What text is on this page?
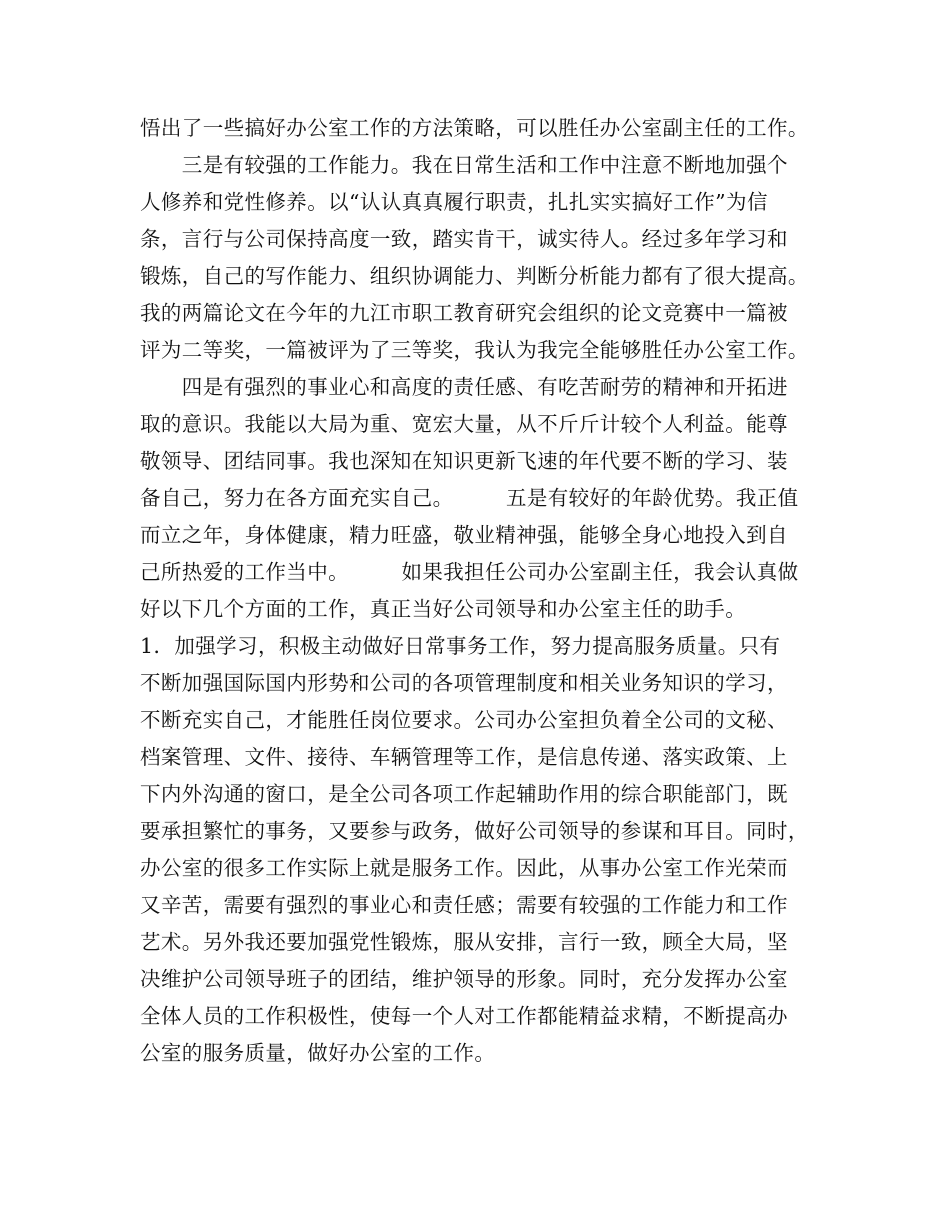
悟出了一些搞好办公室工作的方法策略，可以胜任办公室副主任的工作。
　　三是有较强的工作能力。我在日常生活和工作中注意不断地加强个
人修养和党性修养。以“认认真真履行职责，扎扎实实搞好工作”为信
条，言行与公司保持高度一致，踏实肯干，诚实待人。经过多年学习和
锻炼，自己的写作能力、组织协调能力、判断分析能力都有了很大提高。
我的两篇论文在今年的九江市职工教育研究会组织的论文竞赛中一篇被
评为二等奖，一篇被评为了三等奖，我认为我完全能够胜任办公室工作。
　　四是有强烈的事业心和高度的责任感、有吃苦耐劳的精神和开拓进
取的意识。我能以大局为重、宽宏大量，从不斤斤计较个人利益。能尊
敬领导、团结同事。我也深知在知识更新飞速的年代要不断的学习、装
备自己，努力在各方面充实自己。　　　五是有较好的年龄优势。我正值
而立之年，身体健康，精力旺盛，敬业精神强，能够全身心地投入到自
己所热爱的工作当中。　　　如果我担任公司办公室副主任，我会认真做
好以下几个方面的工作，真正当好公司领导和办公室主任的助手。
1．加强学习，积极主动做好日常事务工作，努力提高服务质量。只有
不断加强国际国内形势和公司的各项管理制度和相关业务知识的学习，
不断充实自己，才能胜任岗位要求。公司办公室担负着全公司的文秘、
档案管理、文件、接待、车辆管理等工作，是信息传递、落实政策、上
下内外沟通的窗口，是全公司各项工作起辅助作用的综合职能部门，既
要承担繁忙的事务，又要参与政务，做好公司领导的参谋和耳目。同时，
办公室的很多工作实际上就是服务工作。因此，从事办公室工作光荣而
又辛苦，需要有强烈的事业心和责任感；需要有较强的工作能力和工作
艺术。另外我还要加强党性锻炼，服从安排，言行一致，顾全大局，坚
决维护公司领导班子的团结，维护领导的形象。同时，充分发挥办公室
全体人员的工作积极性，使每一个人对工作都能精益求精，不断提高办
公室的服务质量，做好办公室的工作。
